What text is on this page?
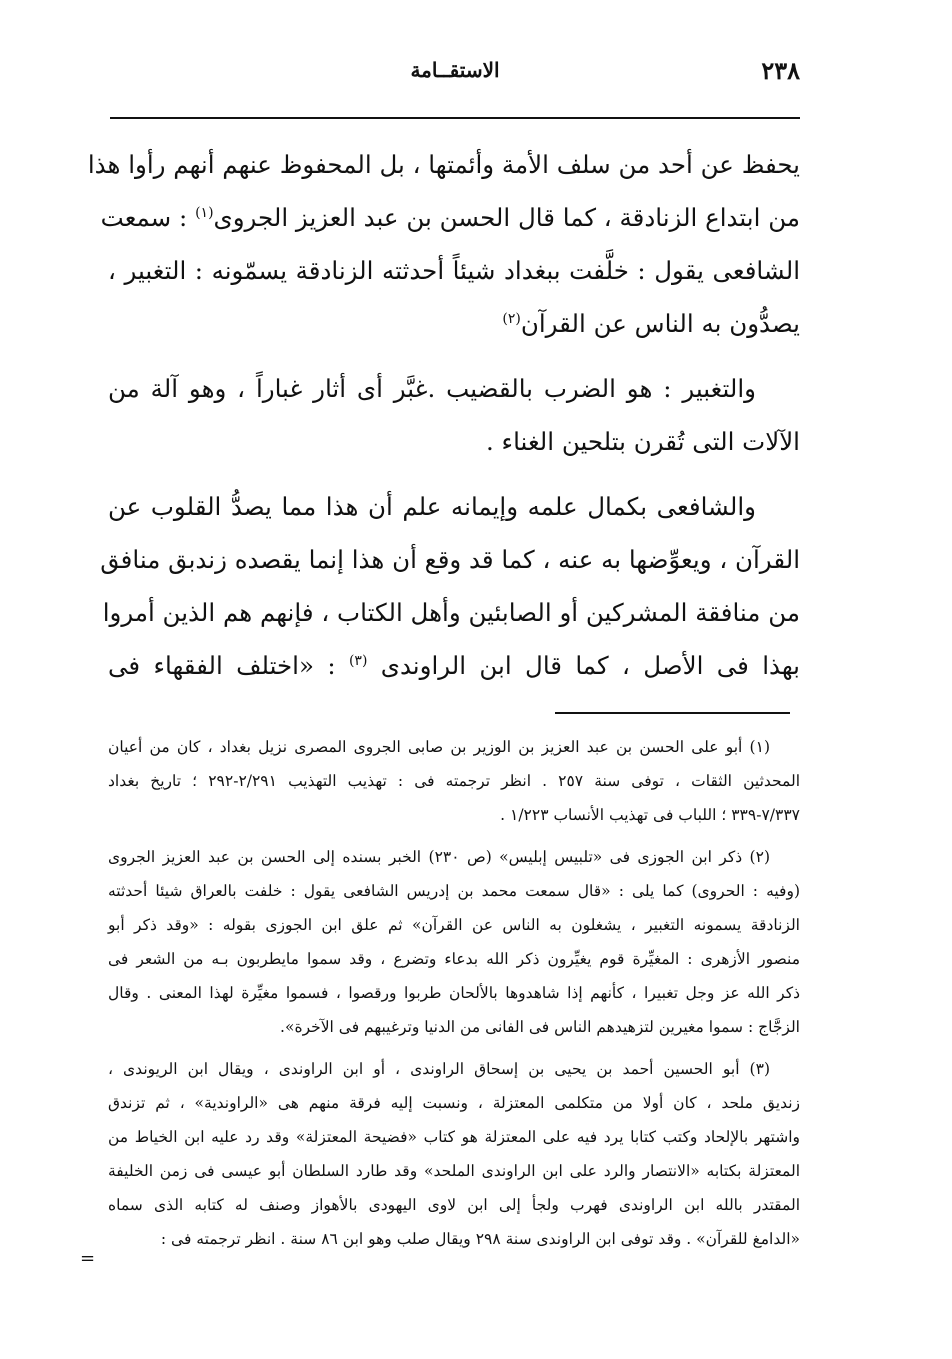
٢٣٨
الاستقــامة

يحفظ عن أحد من سلف الأمة وأئمتها ، بل المحفوظ عنهم أنهم رأوا هذا
من ابتداع الزنادقة ، كما قال الحسن بن عبد العزيز الجروى$^{(١)}$ : سمعت
الشافعى يقول : خلَّفت ببغداد شيئاً أحدثته الزنادقة يسمّونه : التغبير ،
يصدُّون به الناس عن القرآن$^{(٢)}$

والتغبير : هو الضرب بالقضيب .غبَّر أى أثار غباراً ، وهو آلة من
الآلات التى تُقرن بتلحين الغناء .

والشافعى بكمال علمه وإيمانه علم أن هذا مما يصدُّ القلوب عن
القرآن ، ويعوِّضها به عنه ، كما قد وقع أن هذا إنما يقصده زندبق منافق
من منافقة المشركين أو الصابئين وأهل الكتاب ، فإنهم هم الذين أمروا
بهذا فى الأصل ، كما قال ابن الراوندى $^{(٣)}$ : «اختلف الفقهاء فى

(١) أبو على الحسن بن عبد العزيز بن الوزير بن صابى الجروى المصرى نزيل بغداد ، كان من أعيان
المحدثين الثقات ، توفى سنة ٢٥٧ . انظر ترجمته فى : تهذيب التهذيب ٢/٢٩١-٢٩٢ ؛ تاريخ بغداد
٧/٣٣٧-٣٣٩ ؛ اللباب فى تهذيب الأنساب ١/٢٢٣ .

(٢) ذكر ابن الجوزى فى «تلبيس إبليس» (ص ٢٣٠) الخبر بسنده إلى الحسن بن عبد العزيز الجروى
(وفيه : الحروى) كما يلى : «قال سمعت محمد بن إدريس الشافعى يقول : خلفت بالعراق شيئا أحدثته
الزنادقة يسمونه التغبير ، يشغلون به الناس عن القرآن» ثم علق ابن الجوزى بقوله : «وقد ذكر أبو
منصور الأزهرى : المغيِّرة قوم يغيِّرون ذكر الله بدعاء وتضرع ، وقد سموا مايطربون بـه من الشعر فى
ذكر الله عز وجل تغبيرا ، كأنهم إذا شاهدوها بالألحان طربوا ورقصوا ، فسموا مغيِّرة لهذا المعنى . وقال
الزجَّاج : سموا مغيرين لتزهيدهم الناس فى الفانى من الدنيا وترغيبهم فى الآخرة».

(٣) أبو الحسين أحمد بن يحيى بن إسحاق الراوندى ، أو ابن الراوندى ، ويقال ابن الريوندى ،
زنديق ملحد ، كان أولا من متكلمى المعتزلة ، ونسبت إليه فرقة منهم هى «الراوندية» ، ثم تزندق
واشتهر بالإلحاد وكتب كتابا يرد فيه على المعتزلة هو كتاب «فضيحة المعتزلة» وقد رد عليه ابن الخياط من
المعتزلة بكتابه «الانتصار والرد على ابن الراوندى الملحد» وقد طارد السلطان أبو عيسى فى زمن الخليفة
المقتدر بالله ابن الراوندى فهرب ولجأ إلى ابن لاوى اليهودى بالأهواز وصنف له كتابه الذى سماه
«الدامغ للقرآن» . وقد توفى ابن الراوندى سنة ٢٩٨ ويقال صلب وهو ابن ٨٦ سنة . انظر ترجمته فى :

=
